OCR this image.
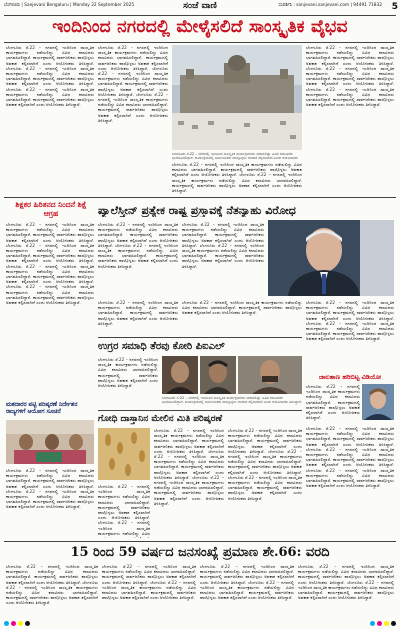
ಬೆಂಗಳೂರು | Sanjevani Bengaluru | Monday 22 September 2025	ಸಂಪರ್ಕಿಸಿ : sanjevani.sanjevani.com | 94491 71832
ಸಂಜೆ ವಾಣಿ	5
ಇಂದಿನಿಂದ ನಗರದಲ್ಲಿ ಮೇಳೈಸಲಿದೆ ಸಾಂಸ್ಕೃತಿಕ ವೈಭವ
ಬೆಂಗಳೂರು ಸೆ.22 – ನಗರದಲ್ಲಿ ಇಂದಿನಿಂದ ಸಾಂಸ್ಕೃತಿಕ ಕಾರ್ಯಕ್ರಮಗಳು ನಡೆಯಲಿದ್ದು ವಿವಿಧ ಕಲಾವಿದರು ಭಾಗವಹಿಸಲಿದ್ದಾರೆ. ಕಾರ್ಯಕ್ರಮದಲ್ಲಿ ಸಾರ್ವಜನಿಕರು ಪಾಲ್ಗೊಳ್ಳಲು ಅವಕಾಶ ಕಲ್ಪಿಸಲಾಗಿದೆ ಎಂದು ಆಯೋಜಕರು ತಿಳಿಸಿದ್ದಾರೆ. ಬೆಂಗಳೂರು ಸೆ.22 – ನಗರದಲ್ಲಿ ಇಂದಿನಿಂದ ಸಾಂಸ್ಕೃತಿಕ ಕಾರ್ಯಕ್ರಮಗಳು ನಡೆಯಲಿದ್ದು ವಿವಿಧ ಕಲಾವಿದರು ಭಾಗವಹಿಸಲಿದ್ದಾರೆ. ಕಾರ್ಯಕ್ರಮದಲ್ಲಿ ಸಾರ್ವಜನಿಕರು ಪಾಲ್ಗೊಳ್ಳಲು ಅವಕಾಶ ಕಲ್ಪಿಸಲಾಗಿದೆ ಎಂದು ಆಯೋಜಕರು ತಿಳಿಸಿದ್ದಾರೆ. ಬೆಂಗಳೂರು ಸೆ.22 – ನಗರದಲ್ಲಿ ಇಂದಿನಿಂದ ಸಾಂಸ್ಕೃತಿಕ ಕಾರ್ಯಕ್ರಮಗಳು ನಡೆಯಲಿದ್ದು ವಿವಿಧ ಕಲಾವಿದರು ಭಾಗವಹಿಸಲಿದ್ದಾರೆ. ಕಾರ್ಯಕ್ರಮದಲ್ಲಿ ಸಾರ್ವಜನಿಕರು ಪಾಲ್ಗೊಳ್ಳಲು ಅವಕಾಶ ಕಲ್ಪಿಸಲಾಗಿದೆ ಎಂದು ಆಯೋಜಕರು ತಿಳಿಸಿದ್ದಾರೆ.
ಬೆಂಗಳೂರು ಸೆ.22 – ನಗರದಲ್ಲಿ ಇಂದಿನಿಂದ ಸಾಂಸ್ಕೃತಿಕ ಕಾರ್ಯಕ್ರಮಗಳು ನಡೆಯಲಿದ್ದು ವಿವಿಧ ಕಲಾವಿದರು ಭಾಗವಹಿಸಲಿದ್ದಾರೆ. ಕಾರ್ಯಕ್ರಮದಲ್ಲಿ ಸಾರ್ವಜನಿಕರು ಪಾಲ್ಗೊಳ್ಳಲು ಅವಕಾಶ ಕಲ್ಪಿಸಲಾಗಿದೆ ಎಂದು ಆಯೋಜಕರು ತಿಳಿಸಿದ್ದಾರೆ. ಬೆಂಗಳೂರು ಸೆ.22 – ನಗರದಲ್ಲಿ ಇಂದಿನಿಂದ ಸಾಂಸ್ಕೃತಿಕ ಕಾರ್ಯಕ್ರಮಗಳು ನಡೆಯಲಿದ್ದು ವಿವಿಧ ಕಲಾವಿದರು ಭಾಗವಹಿಸಲಿದ್ದಾರೆ. ಕಾರ್ಯಕ್ರಮದಲ್ಲಿ ಸಾರ್ವಜನಿಕರು ಪಾಲ್ಗೊಳ್ಳಲು ಅವಕಾಶ ಕಲ್ಪಿಸಲಾಗಿದೆ ಎಂದು ಆಯೋಜಕರು ತಿಳಿಸಿದ್ದಾರೆ. ಬೆಂಗಳೂರು ಸೆ.22 – ನಗರದಲ್ಲಿ ಇಂದಿನಿಂದ ಸಾಂಸ್ಕೃತಿಕ ಕಾರ್ಯಕ್ರಮಗಳು ನಡೆಯಲಿದ್ದು ವಿವಿಧ ಕಲಾವಿದರು ಭಾಗವಹಿಸಲಿದ್ದಾರೆ. ಕಾರ್ಯಕ್ರಮದಲ್ಲಿ ಸಾರ್ವಜನಿಕರು ಪಾಲ್ಗೊಳ್ಳಲು ಅವಕಾಶ ಕಲ್ಪಿಸಲಾಗಿದೆ ಎಂದು ಆಯೋಜಕರು ತಿಳಿಸಿದ್ದಾರೆ.
ಬೆಂಗಳೂರು ಸೆ.22 – ನಗರದಲ್ಲಿ ಇಂದಿನಿಂದ ಸಾಂಸ್ಕೃತಿಕ ಕಾರ್ಯಕ್ರಮಗಳು ನಡೆಯಲಿದ್ದು ವಿವಿಧ ಕಲಾವಿದರು ಭಾಗವಹಿಸಲಿದ್ದಾರೆ. ಕಾರ್ಯಕ್ರಮದಲ್ಲಿ ಸಾರ್ವಜನಿಕರು ಪಾಲ್ಗೊಳ್ಳಲು ಅವಕಾಶ ಕಲ್ಪಿಸಲಾಗಿದೆ ಎಂದು ಆಯೋಜಕರು
ಬೆಂಗಳೂರು ಸೆ.22 – ನಗರದಲ್ಲಿ ಇಂದಿನಿಂದ ಸಾಂಸ್ಕೃತಿಕ ಕಾರ್ಯಕ್ರಮಗಳು ನಡೆಯಲಿದ್ದು ವಿವಿಧ ಕಲಾವಿದರು ಭಾಗವಹಿಸಲಿದ್ದಾರೆ. ಕಾರ್ಯಕ್ರಮದಲ್ಲಿ ಸಾರ್ವಜನಿಕರು ಪಾಲ್ಗೊಳ್ಳಲು ಅವಕಾಶ ಕಲ್ಪಿಸಲಾಗಿದೆ ಎಂದು ಆಯೋಜಕರು ತಿಳಿಸಿದ್ದಾರೆ. ಬೆಂಗಳೂರು ಸೆ.22 – ನಗರದಲ್ಲಿ ಇಂದಿನಿಂದ ಸಾಂಸ್ಕೃತಿಕ ಕಾರ್ಯಕ್ರಮಗಳು ನಡೆಯಲಿದ್ದು ವಿವಿಧ ಕಲಾವಿದರು ಭಾಗವಹಿಸಲಿದ್ದಾರೆ. ಕಾರ್ಯಕ್ರಮದಲ್ಲಿ ಸಾರ್ವಜನಿಕರು ಪಾಲ್ಗೊಳ್ಳಲು ಅವಕಾಶ ಕಲ್ಪಿಸಲಾಗಿದೆ ಎಂದು ಆಯೋಜಕರು ತಿಳಿಸಿದ್ದಾರೆ.
ಬೆಂಗಳೂರು ಸೆ.22 – ನಗರದಲ್ಲಿ ಇಂದಿನಿಂದ ಸಾಂಸ್ಕೃತಿಕ ಕಾರ್ಯಕ್ರಮಗಳು ನಡೆಯಲಿದ್ದು ವಿವಿಧ ಕಲಾವಿದರು ಭಾಗವಹಿಸಲಿದ್ದಾರೆ. ಕಾರ್ಯಕ್ರಮದಲ್ಲಿ ಸಾರ್ವಜನಿಕರು ಪಾಲ್ಗೊಳ್ಳಲು ಅವಕಾಶ ಕಲ್ಪಿಸಲಾಗಿದೆ ಎಂದು ಆಯೋಜಕರು ತಿಳಿಸಿದ್ದಾರೆ. ಬೆಂಗಳೂರು ಸೆ.22 – ನಗರದಲ್ಲಿ ಇಂದಿನಿಂದ ಸಾಂಸ್ಕೃತಿಕ ಕಾರ್ಯಕ್ರಮಗಳು ನಡೆಯಲಿದ್ದು ವಿವಿಧ ಕಲಾವಿದರು ಭಾಗವಹಿಸಲಿದ್ದಾರೆ. ಕಾರ್ಯಕ್ರಮದಲ್ಲಿ ಸಾರ್ವಜನಿಕರು ಪಾಲ್ಗೊಳ್ಳಲು ಅವಕಾಶ ಕಲ್ಪಿಸಲಾಗಿದೆ ಎಂದು ಆಯೋಜಕರು ತಿಳಿಸಿದ್ದಾರೆ. ಬೆಂಗಳೂರು ಸೆ.22 – ನಗರದಲ್ಲಿ ಇಂದಿನಿಂದ ಸಾಂಸ್ಕೃತಿಕ ಕಾರ್ಯಕ್ರಮಗಳು ನಡೆಯಲಿದ್ದು ವಿವಿಧ ಕಲಾವಿದರು ಭಾಗವಹಿಸಲಿದ್ದಾರೆ. ಕಾರ್ಯಕ್ರಮದಲ್ಲಿ ಸಾರ್ವಜನಿಕರು ಪಾಲ್ಗೊಳ್ಳಲು ಅವಕಾಶ ಕಲ್ಪಿಸಲಾಗಿದೆ ಎಂದು ಆಯೋಜಕರು ತಿಳಿಸಿದ್ದಾರೆ.
ಶಿಕ್ಷಕರ ಹಿರಿತನದ ನಿಂದನೆ ಶಿಕ್ಷೆ ಆಗ್ರಹ
ಬೆಂಗಳೂರು ಸೆ.22 – ನಗರದಲ್ಲಿ ಇಂದಿನಿಂದ ಸಾಂಸ್ಕೃತಿಕ ಕಾರ್ಯಕ್ರಮಗಳು ನಡೆಯಲಿದ್ದು ವಿವಿಧ ಕಲಾವಿದರು ಭಾಗವಹಿಸಲಿದ್ದಾರೆ. ಕಾರ್ಯಕ್ರಮದಲ್ಲಿ ಸಾರ್ವಜನಿಕರು ಪಾಲ್ಗೊಳ್ಳಲು ಅವಕಾಶ ಕಲ್ಪಿಸಲಾಗಿದೆ ಎಂದು ಆಯೋಜಕರು ತಿಳಿಸಿದ್ದಾರೆ. ಬೆಂಗಳೂರು ಸೆ.22 – ನಗರದಲ್ಲಿ ಇಂದಿನಿಂದ ಸಾಂಸ್ಕೃತಿಕ ಕಾರ್ಯಕ್ರಮಗಳು ನಡೆಯಲಿದ್ದು ವಿವಿಧ ಕಲಾವಿದರು ಭಾಗವಹಿಸಲಿದ್ದಾರೆ. ಕಾರ್ಯಕ್ರಮದಲ್ಲಿ ಸಾರ್ವಜನಿಕರು ಪಾಲ್ಗೊಳ್ಳಲು ಅವಕಾಶ ಕಲ್ಪಿಸಲಾಗಿದೆ ಎಂದು ಆಯೋಜಕರು ತಿಳಿಸಿದ್ದಾರೆ. ಬೆಂಗಳೂರು ಸೆ.22 – ನಗರದಲ್ಲಿ ಇಂದಿನಿಂದ ಸಾಂಸ್ಕೃತಿಕ ಕಾರ್ಯಕ್ರಮಗಳು ನಡೆಯಲಿದ್ದು ವಿವಿಧ ಕಲಾವಿದರು ಭಾಗವಹಿಸಲಿದ್ದಾರೆ. ಕಾರ್ಯಕ್ರಮದಲ್ಲಿ ಸಾರ್ವಜನಿಕರು ಪಾಲ್ಗೊಳ್ಳಲು ಅವಕಾಶ ಕಲ್ಪಿಸಲಾಗಿದೆ ಎಂದು ಆಯೋಜಕರು ತಿಳಿಸಿದ್ದಾರೆ. ಬೆಂಗಳೂರು ಸೆ.22 – ನಗರದಲ್ಲಿ ಇಂದಿನಿಂದ ಸಾಂಸ್ಕೃತಿಕ ಕಾರ್ಯಕ್ರಮಗಳು ನಡೆಯಲಿದ್ದು ವಿವಿಧ ಕಲಾವಿದರು ಭಾಗವಹಿಸಲಿದ್ದಾರೆ. ಕಾರ್ಯಕ್ರಮದಲ್ಲಿ ಸಾರ್ವಜನಿಕರು ಪಾಲ್ಗೊಳ್ಳಲು ಅವಕಾಶ ಕಲ್ಪಿಸಲಾಗಿದೆ ಎಂದು ಆಯೋಜಕರು ತಿಳಿಸಿದ್ದಾರೆ.
ಪ್ಯಾಲೆಸ್ತೀನ್ ಪ್ರತ್ಯೇಕ ರಾಷ್ಟ್ರ ಪ್ರಸ್ತಾವಕ್ಕೆ ನೆತನ್ಯಾಹು ವಿರೋಧ
ಬೆಂಗಳೂರು ಸೆ.22 – ನಗರದಲ್ಲಿ ಇಂದಿನಿಂದ ಸಾಂಸ್ಕೃತಿಕ ಕಾರ್ಯಕ್ರಮಗಳು ನಡೆಯಲಿದ್ದು ವಿವಿಧ ಕಲಾವಿದರು ಭಾಗವಹಿಸಲಿದ್ದಾರೆ. ಕಾರ್ಯಕ್ರಮದಲ್ಲಿ ಸಾರ್ವಜನಿಕರು ಪಾಲ್ಗೊಳ್ಳಲು ಅವಕಾಶ ಕಲ್ಪಿಸಲಾಗಿದೆ ಎಂದು ಆಯೋಜಕರು ತಿಳಿಸಿದ್ದಾರೆ. ಬೆಂಗಳೂರು ಸೆ.22 – ನಗರದಲ್ಲಿ ಇಂದಿನಿಂದ ಸಾಂಸ್ಕೃತಿಕ ಕಾರ್ಯಕ್ರಮಗಳು ನಡೆಯಲಿದ್ದು ವಿವಿಧ ಕಲಾವಿದರು ಭಾಗವಹಿಸಲಿದ್ದಾರೆ. ಕಾರ್ಯಕ್ರಮದಲ್ಲಿ ಸಾರ್ವಜನಿಕರು ಪಾಲ್ಗೊಳ್ಳಲು ಅವಕಾಶ ಕಲ್ಪಿಸಲಾಗಿದೆ ಎಂದು ಆಯೋಜಕರು ತಿಳಿಸಿದ್ದಾರೆ.
ಬೆಂಗಳೂರು ಸೆ.22 – ನಗರದಲ್ಲಿ ಇಂದಿನಿಂದ ಸಾಂಸ್ಕೃತಿಕ ಕಾರ್ಯಕ್ರಮಗಳು ನಡೆಯಲಿದ್ದು ವಿವಿಧ ಕಲಾವಿದರು ಭಾಗವಹಿಸಲಿದ್ದಾರೆ. ಕಾರ್ಯಕ್ರಮದಲ್ಲಿ ಸಾರ್ವಜನಿಕರು ಪಾಲ್ಗೊಳ್ಳಲು ಅವಕಾಶ ಕಲ್ಪಿಸಲಾಗಿದೆ ಎಂದು ಆಯೋಜಕರು ತಿಳಿಸಿದ್ದಾರೆ. ಬೆಂಗಳೂರು ಸೆ.22 – ನಗರದಲ್ಲಿ ಇಂದಿನಿಂದ ಸಾಂಸ್ಕೃತಿಕ ಕಾರ್ಯಕ್ರಮಗಳು ನಡೆಯಲಿದ್ದು ವಿವಿಧ ಕಲಾವಿದರು ಭಾಗವಹಿಸಲಿದ್ದಾರೆ. ಕಾರ್ಯಕ್ರಮದಲ್ಲಿ ಸಾರ್ವಜನಿಕರು ಪಾಲ್ಗೊಳ್ಳಲು ಅವಕಾಶ ಕಲ್ಪಿಸಲಾಗಿದೆ ಎಂದು ಆಯೋಜಕರು ತಿಳಿಸಿದ್ದಾರೆ.
ಬೆಂಗಳೂರು ಸೆ.22 – ನಗರದಲ್ಲಿ ಇಂದಿನಿಂದ ಸಾಂಸ್ಕೃತಿಕ ಕಾರ್ಯಕ್ರಮಗಳು ನಡೆಯಲಿದ್ದು ವಿವಿಧ ಕಲಾವಿದರು ಭಾಗವಹಿಸಲಿದ್ದಾರೆ. ಕಾರ್ಯಕ್ರಮದಲ್ಲಿ ಸಾರ್ವಜನಿಕರು ಪಾಲ್ಗೊಳ್ಳಲು ಅವಕಾಶ ಕಲ್ಪಿಸಲಾಗಿದೆ ಎಂದು ಆಯೋಜಕರು ತಿಳಿಸಿದ್ದಾರೆ. ಬೆಂಗಳೂರು ಸೆ.22 – ನಗರದಲ್ಲಿ ಇಂದಿನಿಂದ ಸಾಂಸ್ಕೃತಿಕ ಕಾರ್ಯಕ್ರಮಗಳು ನಡೆಯಲಿದ್ದು ವಿವಿಧ ಕಲಾವಿದರು ಭಾಗವಹಿಸಲಿದ್ದಾರೆ. ಕಾರ್ಯಕ್ರಮದಲ್ಲಿ ಸಾರ್ವಜನಿಕರು ಪಾಲ್ಗೊಳ್ಳಲು ಅವಕಾಶ ಕಲ್ಪಿಸಲಾಗಿದೆ ಎಂದು ಆಯೋಜಕರು ತಿಳಿಸಿದ್ದಾರೆ.
ಬೆಂಗಳೂರು ಸೆ.22 – ನಗರದಲ್ಲಿ ಇಂದಿನಿಂದ ಸಾಂಸ್ಕೃತಿಕ ಕಾರ್ಯಕ್ರಮಗಳು ನಡೆಯಲಿದ್ದು ವಿವಿಧ ಕಲಾವಿದರು ಭಾಗವಹಿಸಲಿದ್ದಾರೆ. ಕಾರ್ಯಕ್ರಮದಲ್ಲಿ ಸಾರ್ವಜನಿಕರು ಪಾಲ್ಗೊಳ್ಳಲು ಅವಕಾಶ ಕಲ್ಪಿಸಲಾಗಿದೆ ಎಂದು ಆಯೋಜಕರು ತಿಳಿಸಿದ್ದಾರೆ.
ಬೆಂಗಳೂರು ಸೆ.22 – ನಗರದಲ್ಲಿ ಇಂದಿನಿಂದ ಸಾಂಸ್ಕೃತಿಕ ಕಾರ್ಯಕ್ರಮಗಳು ನಡೆಯಲಿದ್ದು ವಿವಿಧ ಕಲಾವಿದರು ಭಾಗವಹಿಸಲಿದ್ದಾರೆ. ಕಾರ್ಯಕ್ರಮದಲ್ಲಿ ಸಾರ್ವಜನಿಕರು ಪಾಲ್ಗೊಳ್ಳಲು ಅವಕಾಶ ಕಲ್ಪಿಸಲಾಗಿದೆ ಎಂದು ಆಯೋಜಕರು ತಿಳಿಸಿದ್ದಾರೆ.
ಉಗ್ರರ ಸಮಾಧಿ ತೆರವು ಕೋರಿ ಪಿಐಎಲ್
ಬೆಂಗಳೂರು ಸೆ.22 – ನಗರದಲ್ಲಿ ಇಂದಿನಿಂದ ಸಾಂಸ್ಕೃತಿಕ ಕಾರ್ಯಕ್ರಮಗಳು ನಡೆಯಲಿದ್ದು ವಿವಿಧ ಕಲಾವಿದರು ಭಾಗವಹಿಸಲಿದ್ದಾರೆ. ಕಾರ್ಯಕ್ರಮದಲ್ಲಿ ಸಾರ್ವಜನಿಕರು ಪಾಲ್ಗೊಳ್ಳಲು ಅವಕಾಶ ಕಲ್ಪಿಸಲಾಗಿದೆ ಎಂದು ಆಯೋಜಕರು ತಿಳಿಸಿದ್ದಾರೆ.
ಬೆಂಗಳೂರು ಸೆ.22 – ನಗರದಲ್ಲಿ ಇಂದಿನಿಂದ ಸಾಂಸ್ಕೃತಿಕ ಕಾರ್ಯಕ್ರಮಗಳು ನಡೆಯಲಿದ್ದು ವಿವಿಧ ಕಲಾವಿದರು ಭಾಗವಹಿಸಲಿದ್ದಾರೆ. ಕಾರ್ಯಕ್ರಮದಲ್ಲಿ ಸಾರ್ವಜನಿಕರು ಪಾಲ್ಗೊಳ್ಳಲು ಅವಕಾಶ ಕಲ್ಪಿಸಲಾಗಿದೆ ಎಂದು ಆಯೋಜಕರು ತಿಳಿಸಿದ್ದಾರೆ.
ಜಾಲತಾಣ ಹರಿಬಿಟ್ಟ ವಿಡಿಯೋ
ಬೆಂಗಳೂರು ಸೆ.22 – ನಗರದಲ್ಲಿ ಇಂದಿನಿಂದ ಸಾಂಸ್ಕೃತಿಕ ಕಾರ್ಯಕ್ರಮಗಳು ನಡೆಯಲಿದ್ದು ವಿವಿಧ ಕಲಾವಿದರು ಭಾಗವಹಿಸಲಿದ್ದಾರೆ. ಕಾರ್ಯಕ್ರಮದಲ್ಲಿ ಸಾರ್ವಜನಿಕರು ಪಾಲ್ಗೊಳ್ಳಲು ಅವಕಾಶ ಕಲ್ಪಿಸಲಾಗಿದೆ ಎಂದು ಆಯೋಜಕರು ತಿಳಿಸಿದ್ದಾರೆ.
ಬೆಂಗಳೂರು ಸೆ.22 – ನಗರದಲ್ಲಿ ಇಂದಿನಿಂದ ಸಾಂಸ್ಕೃತಿಕ ಕಾರ್ಯಕ್ರಮಗಳು ನಡೆಯಲಿದ್ದು ವಿವಿಧ ಕಲಾವಿದರು ಭಾಗವಹಿಸಲಿದ್ದಾರೆ. ಕಾರ್ಯಕ್ರಮದಲ್ಲಿ ಸಾರ್ವಜನಿಕರು ಪಾಲ್ಗೊಳ್ಳಲು ಅವಕಾಶ ಕಲ್ಪಿಸಲಾಗಿದೆ ಎಂದು ಆಯೋಜಕರು ತಿಳಿಸಿದ್ದಾರೆ. ಬೆಂಗಳೂರು ಸೆ.22 – ನಗರದಲ್ಲಿ ಇಂದಿನಿಂದ ಸಾಂಸ್ಕೃತಿಕ ಕಾರ್ಯಕ್ರಮಗಳು ನಡೆಯಲಿದ್ದು ವಿವಿಧ ಕಲಾವಿದರು ಭಾಗವಹಿಸಲಿದ್ದಾರೆ. ಕಾರ್ಯಕ್ರಮದಲ್ಲಿ ಸಾರ್ವಜನಿಕರು ಪಾಲ್ಗೊಳ್ಳಲು ಅವಕಾಶ ಕಲ್ಪಿಸಲಾಗಿದೆ ಎಂದು ಆಯೋಜಕರು ತಿಳಿಸಿದ್ದಾರೆ. ಬೆಂಗಳೂರು ಸೆ.22 – ನಗರದಲ್ಲಿ ಇಂದಿನಿಂದ ಸಾಂಸ್ಕೃತಿಕ ಕಾರ್ಯಕ್ರಮಗಳು ನಡೆಯಲಿದ್ದು ವಿವಿಧ ಕಲಾವಿದರು ಭಾಗವಹಿಸಲಿದ್ದಾರೆ. ಕಾರ್ಯಕ್ರಮದಲ್ಲಿ ಸಾರ್ವಜನಿಕರು ಪಾಲ್ಗೊಳ್ಳಲು ಅವಕಾಶ ಕಲ್ಪಿಸಲಾಗಿದೆ ಎಂದು ಆಯೋಜಕರು ತಿಳಿಸಿದ್ದಾರೆ.
ಮತದಾರರ ಪಟ್ಟಿ ಪರಿಷ್ಕರಣೆ ನಿರ್ದೇಶನ ರಾಜ್ಯಗಳಿಗೆ ಆಯೋಗ ಸೂಚನೆ
ಬೆಂಗಳೂರು ಸೆ.22 – ನಗರದಲ್ಲಿ ಇಂದಿನಿಂದ ಸಾಂಸ್ಕೃತಿಕ ಕಾರ್ಯಕ್ರಮಗಳು ನಡೆಯಲಿದ್ದು ವಿವಿಧ ಕಲಾವಿದರು ಭಾಗವಹಿಸಲಿದ್ದಾರೆ. ಕಾರ್ಯಕ್ರಮದಲ್ಲಿ ಸಾರ್ವಜನಿಕರು ಪಾಲ್ಗೊಳ್ಳಲು ಅವಕಾಶ ಕಲ್ಪಿಸಲಾಗಿದೆ ಎಂದು ಆಯೋಜಕರು ತಿಳಿಸಿದ್ದಾರೆ. ಬೆಂಗಳೂರು ಸೆ.22 – ನಗರದಲ್ಲಿ ಇಂದಿನಿಂದ ಸಾಂಸ್ಕೃತಿಕ ಕಾರ್ಯಕ್ರಮಗಳು ನಡೆಯಲಿದ್ದು ವಿವಿಧ ಕಲಾವಿದರು ಭಾಗವಹಿಸಲಿದ್ದಾರೆ. ಕಾರ್ಯಕ್ರಮದಲ್ಲಿ ಸಾರ್ವಜನಿಕರು ಪಾಲ್ಗೊಳ್ಳಲು ಅವಕಾಶ ಕಲ್ಪಿಸಲಾಗಿದೆ ಎಂದು ಆಯೋಜಕರು ತಿಳಿಸಿದ್ದಾರೆ.
ಗೋಧಿ ದಾಸ್ತಾನಿನ ಮೇಲಿನ ಮಿತಿ ಪರಿಷ್ಕರಣೆ
ಬೆಂಗಳೂರು ಸೆ.22 – ನಗರದಲ್ಲಿ ಇಂದಿನಿಂದ ಸಾಂಸ್ಕೃತಿಕ ಕಾರ್ಯಕ್ರಮಗಳು ನಡೆಯಲಿದ್ದು ವಿವಿಧ ಕಲಾವಿದರು ಭಾಗವಹಿಸಲಿದ್ದಾರೆ. ಕಾರ್ಯಕ್ರಮದಲ್ಲಿ ಸಾರ್ವಜನಿಕರು ಪಾಲ್ಗೊಳ್ಳಲು ಅವಕಾಶ ಕಲ್ಪಿಸಲಾಗಿದೆ ಎಂದು ಆಯೋಜಕರು ತಿಳಿಸಿದ್ದಾರೆ. ಬೆಂಗಳೂರು ಸೆ.22 – ನಗರದಲ್ಲಿ ಇಂದಿನಿಂದ ಸಾಂಸ್ಕೃತಿಕ ಕಾರ್ಯಕ್ರಮಗಳು ನಡೆಯಲಿದ್ದು ವಿವಿಧ ಕಲಾವಿದರು ಭಾಗವಹಿಸಲಿದ್ದಾರೆ. ಕಾರ್ಯಕ್ರಮದಲ್ಲಿ ಸಾರ್ವಜನಿಕರು ಪಾಲ್ಗೊಳ್ಳಲು ಅವಕಾಶ ಕಲ್ಪಿಸಲಾಗಿದೆ ಎಂದು ಆಯೋಜಕರು ತಿಳಿಸಿದ್ದಾರೆ. ಬೆಂಗಳೂರು ಸೆ.22 – ನಗರದಲ್ಲಿ ಇಂದಿನಿಂದ ಸಾಂಸ್ಕೃತಿಕ ಕಾರ್ಯಕ್ರಮಗಳು ನಡೆಯಲಿದ್ದು ವಿವಿಧ ಕಲಾವಿದರು ಭಾಗವಹಿಸಲಿದ್ದಾರೆ. ಕಾರ್ಯಕ್ರಮದಲ್ಲಿ ಸಾರ್ವಜನಿಕರು ಪಾಲ್ಗೊಳ್ಳಲು ಅವಕಾಶ ಕಲ್ಪಿಸಲಾಗಿದೆ ಎಂದು ಆಯೋಜಕರು ತಿಳಿಸಿದ್ದಾರೆ.
ಬೆಂಗಳೂರು ಸೆ.22 – ನಗರದಲ್ಲಿ ಇಂದಿನಿಂದ ಸಾಂಸ್ಕೃತಿಕ ಕಾರ್ಯಕ್ರಮಗಳು ನಡೆಯಲಿದ್ದು ವಿವಿಧ ಕಲಾವಿದರು ಭಾಗವಹಿಸಲಿದ್ದಾರೆ. ಕಾರ್ಯಕ್ರಮದಲ್ಲಿ ಸಾರ್ವಜನಿಕರು ಪಾಲ್ಗೊಳ್ಳಲು ಅವಕಾಶ ಕಲ್ಪಿಸಲಾಗಿದೆ ಎಂದು ಆಯೋಜಕರು ತಿಳಿಸಿದ್ದಾರೆ. ಬೆಂಗಳೂರು ಸೆ.22 – ನಗರದಲ್ಲಿ ಇಂದಿನಿಂದ ಸಾಂಸ್ಕೃತಿಕ ಕಾರ್ಯಕ್ರಮಗಳು ನಡೆಯಲಿದ್ದು ವಿವಿಧ ಕಲಾವಿದರು ಭಾಗವಹಿಸಲಿದ್ದಾರೆ. ಕಾರ್ಯಕ್ರಮದಲ್ಲಿ ಸಾರ್ವಜನಿಕರು ಪಾಲ್ಗೊಳ್ಳಲು ಅವಕಾಶ ಕಲ್ಪಿಸಲಾಗಿದೆ ಎಂದು ಆಯೋಜಕರು ತಿಳಿಸಿದ್ದಾರೆ. ಬೆಂಗಳೂರು ಸೆ.22 – ನಗರದಲ್ಲಿ ಇಂದಿನಿಂದ ಸಾಂಸ್ಕೃತಿಕ ಕಾರ್ಯಕ್ರಮಗಳು ನಡೆಯಲಿದ್ದು ವಿವಿಧ ಕಲಾವಿದರು ಭಾಗವಹಿಸಲಿದ್ದಾರೆ. ಕಾರ್ಯಕ್ರಮದಲ್ಲಿ ಸಾರ್ವಜನಿಕರು ಪಾಲ್ಗೊಳ್ಳಲು ಅವಕಾಶ ಕಲ್ಪಿಸಲಾಗಿದೆ ಎಂದು ಆಯೋಜಕರು ತಿಳಿಸಿದ್ದಾರೆ.
ಬೆಂಗಳೂರು ಸೆ.22 – ನಗರದಲ್ಲಿ ಇಂದಿನಿಂದ ಸಾಂಸ್ಕೃತಿಕ ಕಾರ್ಯಕ್ರಮಗಳು ನಡೆಯಲಿದ್ದು ವಿವಿಧ ಕಲಾವಿದರು ಭಾಗವಹಿಸಲಿದ್ದಾರೆ. ಕಾರ್ಯಕ್ರಮದಲ್ಲಿ ಸಾರ್ವಜನಿಕರು ಪಾಲ್ಗೊಳ್ಳಲು ಅವಕಾಶ ಕಲ್ಪಿಸಲಾಗಿದೆ ಎಂದು ಆಯೋಜಕರು ತಿಳಿಸಿದ್ದಾರೆ. ಬೆಂಗಳೂರು ಸೆ.22 – ನಗರದಲ್ಲಿ ಇಂದಿನಿಂದ ಸಾಂಸ್ಕೃತಿಕ ಕಾರ್ಯಕ್ರಮಗಳು ನಡೆಯಲಿದ್ದು ವಿವಿಧ
15 ರಿಂದ 59 ವರ್ಷದ ಜನಸಂಖ್ಯೆ ಪ್ರಮಾಣ ಶೇ.66: ವರದಿ
ಬೆಂಗಳೂರು ಸೆ.22 – ನಗರದಲ್ಲಿ ಇಂದಿನಿಂದ ಸಾಂಸ್ಕೃತಿಕ ಕಾರ್ಯಕ್ರಮಗಳು ನಡೆಯಲಿದ್ದು ವಿವಿಧ ಕಲಾವಿದರು ಭಾಗವಹಿಸಲಿದ್ದಾರೆ. ಕಾರ್ಯಕ್ರಮದಲ್ಲಿ ಸಾರ್ವಜನಿಕರು ಪಾಲ್ಗೊಳ್ಳಲು ಅವಕಾಶ ಕಲ್ಪಿಸಲಾಗಿದೆ ಎಂದು ಆಯೋಜಕರು ತಿಳಿಸಿದ್ದಾರೆ. ಬೆಂಗಳೂರು ಸೆ.22 – ನಗರದಲ್ಲಿ ಇಂದಿನಿಂದ ಸಾಂಸ್ಕೃತಿಕ ಕಾರ್ಯಕ್ರಮಗಳು ನಡೆಯಲಿದ್ದು ವಿವಿಧ ಕಲಾವಿದರು ಭಾಗವಹಿಸಲಿದ್ದಾರೆ. ಕಾರ್ಯಕ್ರಮದಲ್ಲಿ ಸಾರ್ವಜನಿಕರು ಪಾಲ್ಗೊಳ್ಳಲು ಅವಕಾಶ ಕಲ್ಪಿಸಲಾಗಿದೆ ಎಂದು ಆಯೋಜಕರು ತಿಳಿಸಿದ್ದಾರೆ.
ಬೆಂಗಳೂರು ಸೆ.22 – ನಗರದಲ್ಲಿ ಇಂದಿನಿಂದ ಸಾಂಸ್ಕೃತಿಕ ಕಾರ್ಯಕ್ರಮಗಳು ನಡೆಯಲಿದ್ದು ವಿವಿಧ ಕಲಾವಿದರು ಭಾಗವಹಿಸಲಿದ್ದಾರೆ. ಕಾರ್ಯಕ್ರಮದಲ್ಲಿ ಸಾರ್ವಜನಿಕರು ಪಾಲ್ಗೊಳ್ಳಲು ಅವಕಾಶ ಕಲ್ಪಿಸಲಾಗಿದೆ ಎಂದು ಆಯೋಜಕರು ತಿಳಿಸಿದ್ದಾರೆ. ಬೆಂಗಳೂರು ಸೆ.22 – ನಗರದಲ್ಲಿ ಇಂದಿನಿಂದ ಸಾಂಸ್ಕೃತಿಕ ಕಾರ್ಯಕ್ರಮಗಳು ನಡೆಯಲಿದ್ದು ವಿವಿಧ ಕಲಾವಿದರು ಭಾಗವಹಿಸಲಿದ್ದಾರೆ. ಕಾರ್ಯಕ್ರಮದಲ್ಲಿ ಸಾರ್ವಜನಿಕರು ಪಾಲ್ಗೊಳ್ಳಲು ಅವಕಾಶ ಕಲ್ಪಿಸಲಾಗಿದೆ ಎಂದು ಆಯೋಜಕರು ತಿಳಿಸಿದ್ದಾರೆ.
ಬೆಂಗಳೂರು ಸೆ.22 – ನಗರದಲ್ಲಿ ಇಂದಿನಿಂದ ಸಾಂಸ್ಕೃತಿಕ ಕಾರ್ಯಕ್ರಮಗಳು ನಡೆಯಲಿದ್ದು ವಿವಿಧ ಕಲಾವಿದರು ಭಾಗವಹಿಸಲಿದ್ದಾರೆ. ಕಾರ್ಯಕ್ರಮದಲ್ಲಿ ಸಾರ್ವಜನಿಕರು ಪಾಲ್ಗೊಳ್ಳಲು ಅವಕಾಶ ಕಲ್ಪಿಸಲಾಗಿದೆ ಎಂದು ಆಯೋಜಕರು ತಿಳಿಸಿದ್ದಾರೆ. ಬೆಂಗಳೂರು ಸೆ.22 – ನಗರದಲ್ಲಿ ಇಂದಿನಿಂದ ಸಾಂಸ್ಕೃತಿಕ ಕಾರ್ಯಕ್ರಮಗಳು ನಡೆಯಲಿದ್ದು ವಿವಿಧ ಕಲಾವಿದರು ಭಾಗವಹಿಸಲಿದ್ದಾರೆ. ಕಾರ್ಯಕ್ರಮದಲ್ಲಿ ಸಾರ್ವಜನಿಕರು ಪಾಲ್ಗೊಳ್ಳಲು ಅವಕಾಶ ಕಲ್ಪಿಸಲಾಗಿದೆ ಎಂದು ಆಯೋಜಕರು ತಿಳಿಸಿದ್ದಾರೆ.
ಬೆಂಗಳೂರು ಸೆ.22 – ನಗರದಲ್ಲಿ ಇಂದಿನಿಂದ ಸಾಂಸ್ಕೃತಿಕ ಕಾರ್ಯಕ್ರಮಗಳು ನಡೆಯಲಿದ್ದು ವಿವಿಧ ಕಲಾವಿದರು ಭಾಗವಹಿಸಲಿದ್ದಾರೆ. ಕಾರ್ಯಕ್ರಮದಲ್ಲಿ ಸಾರ್ವಜನಿಕರು ಪಾಲ್ಗೊಳ್ಳಲು ಅವಕಾಶ ಕಲ್ಪಿಸಲಾಗಿದೆ ಎಂದು ಆಯೋಜಕರು ತಿಳಿಸಿದ್ದಾರೆ. ಬೆಂಗಳೂರು ಸೆ.22 – ನಗರದಲ್ಲಿ ಇಂದಿನಿಂದ ಸಾಂಸ್ಕೃತಿಕ ಕಾರ್ಯಕ್ರಮಗಳು ನಡೆಯಲಿದ್ದು ವಿವಿಧ ಕಲಾವಿದರು ಭಾಗವಹಿಸಲಿದ್ದಾರೆ. ಕಾರ್ಯಕ್ರಮದಲ್ಲಿ ಸಾರ್ವಜನಿಕರು ಪಾಲ್ಗೊಳ್ಳಲು ಅವಕಾಶ ಕಲ್ಪಿಸಲಾಗಿದೆ ಎಂದು ಆಯೋಜಕರು ತಿಳಿಸಿದ್ದಾರೆ.
